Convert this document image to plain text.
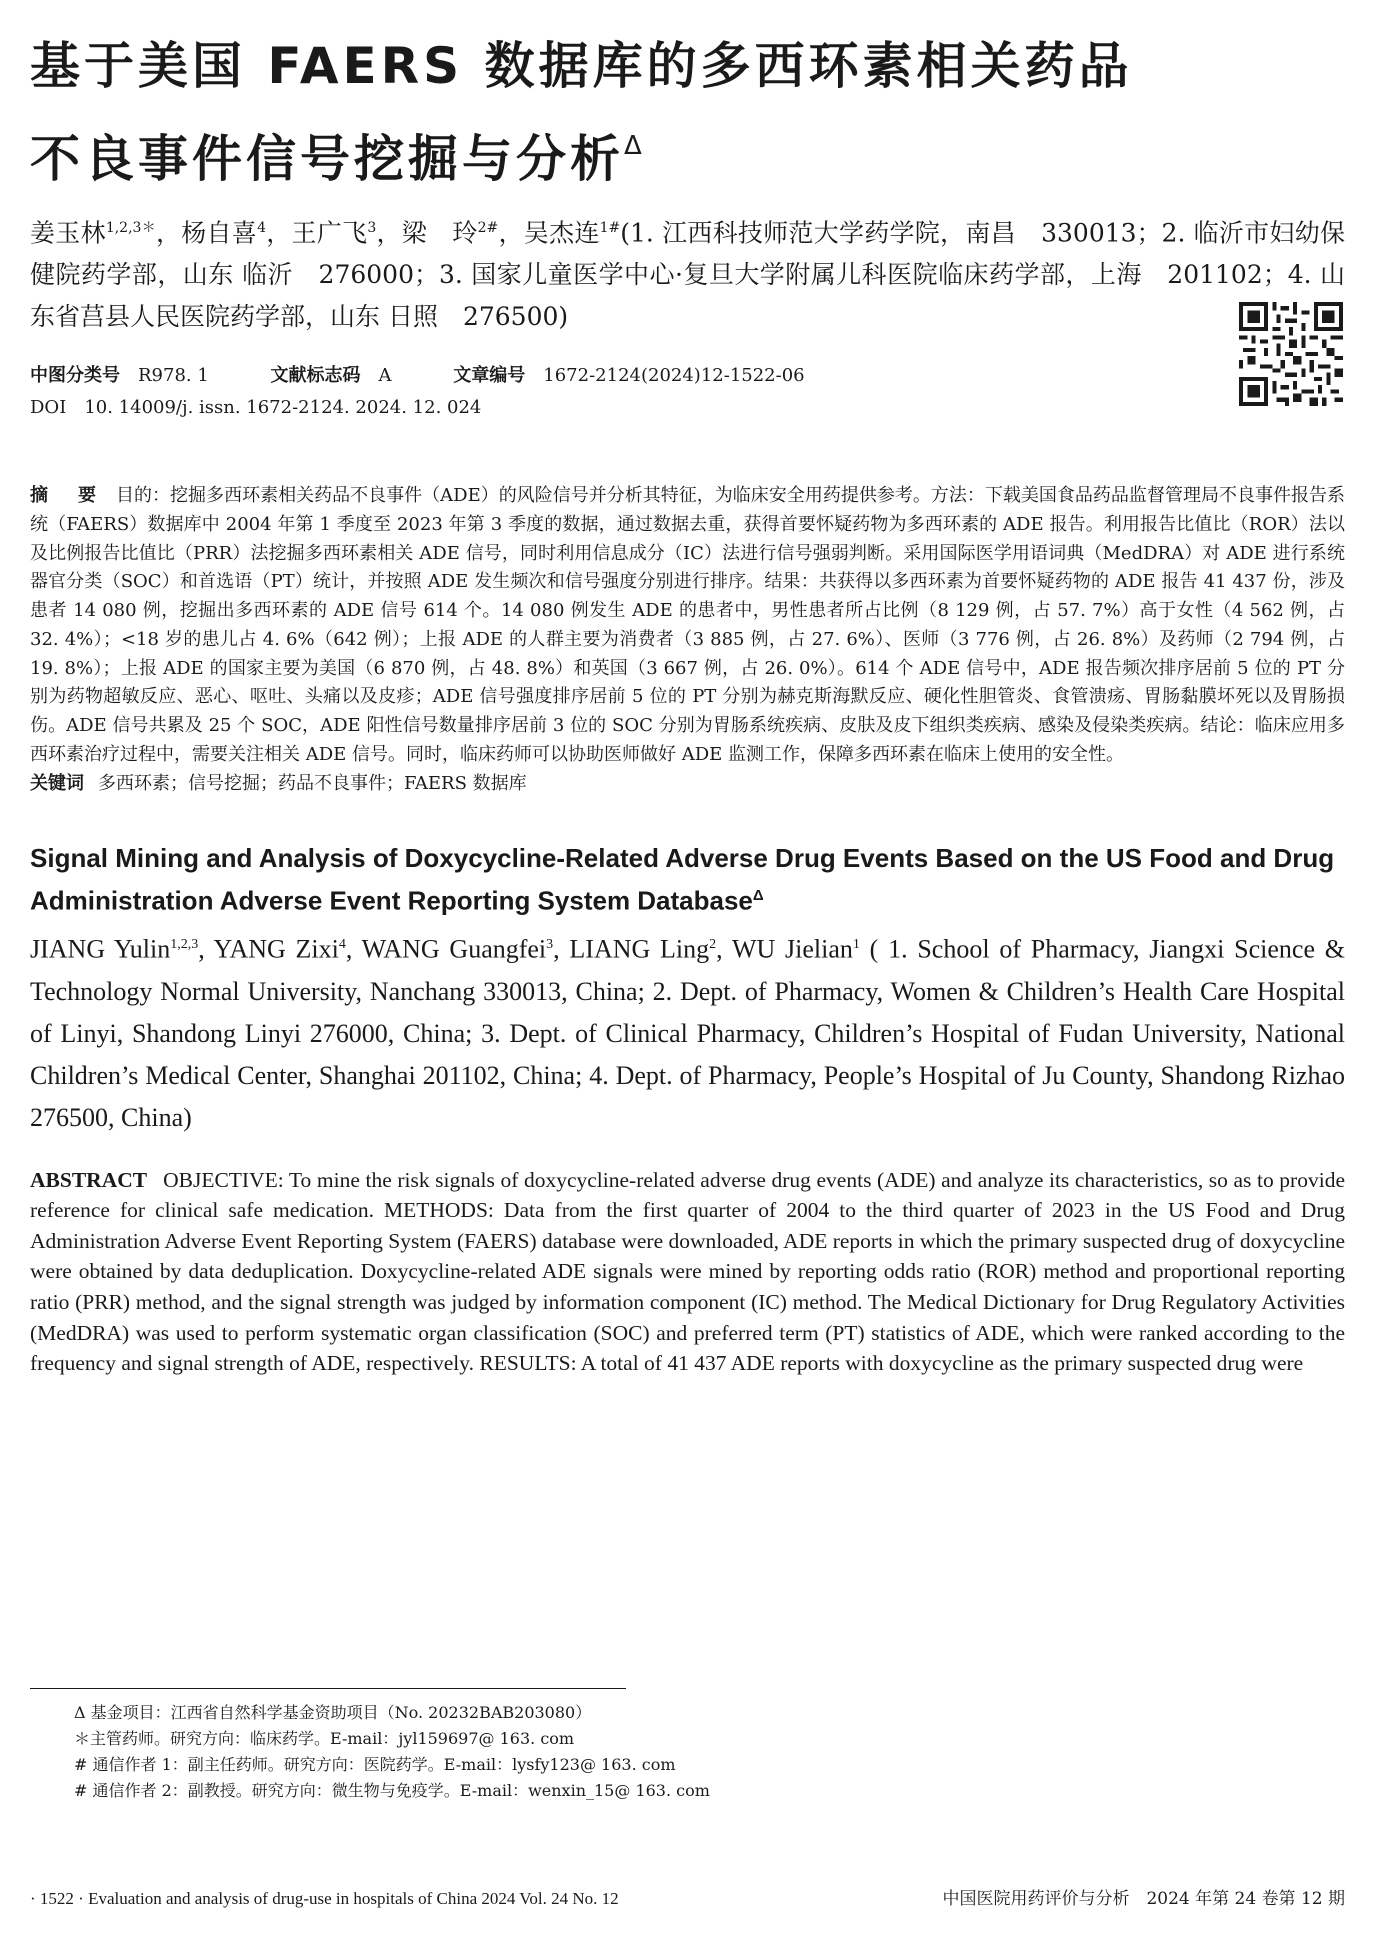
基于美国 FAERS 数据库的多西环素相关药品
不良事件信号挖掘与分析$^\Delta$
姜玉林$^{1,2,3*}$，杨自喜$^4$，王广飞$^3$，梁　玲$^{2\#}$，吴杰连$^{1\#}$(1. 江西科技师范大学药学院，南昌　330013；2. 临沂市妇幼保健院药学部，山东 临沂　276000；3. 国家儿童医学中心·复旦大学附属儿科医院临床药学部，上海　201102；4. 山东省莒县人民医院药学部，山东 日照　276500)
中图分类号 R978. 1	文献标志码 A	文章编号 1672-2124(2024)12-1522-06
DOI 10. 14009/j. issn. 1672-2124. 2024. 12. 024
摘　要 目的：挖掘多西环素相关药品不良事件（ADE）的风险信号并分析其特征，为临床安全用药提供参考。方法：下载美国食品药品监督管理局不良事件报告系统（FAERS）数据库中 2004 年第 1 季度至 2023 年第 3 季度的数据，通过数据去重，获得首要怀疑药物为多西环素的 ADE 报告。利用报告比值比（ROR）法以及比例报告比值比（PRR）法挖掘多西环素相关 ADE 信号，同时利用信息成分（IC）法进行信号强弱判断。采用国际医学用语词典（MedDRA）对 ADE 进行系统器官分类（SOC）和首选语（PT）统计，并按照 ADE 发生频次和信号强度分别进行排序。结果：共获得以多西环素为首要怀疑药物的 ADE 报告 41 437 份，涉及患者 14 080 例，挖掘出多西环素的 ADE 信号 614 个。14 080 例发生 ADE 的患者中，男性患者所占比例（8 129 例，占 57. 7%）高于女性（4 562 例，占 32. 4%）；<18 岁的患儿占 4. 6%（642 例）；上报 ADE 的人群主要为消费者（3 885 例，占 27. 6%）、医师（3 776 例，占 26. 8%）及药师（2 794 例，占 19. 8%）；上报 ADE 的国家主要为美国（6 870 例，占 48. 8%）和英国（3 667 例，占 26. 0%）。614 个 ADE 信号中，ADE 报告频次排序居前 5 位的 PT 分别为药物超敏反应、恶心、呕吐、头痛以及皮疹；ADE 信号强度排序居前 5 位的 PT 分别为赫克斯海默反应、硬化性胆管炎、食管溃疡、胃肠黏膜坏死以及胃肠损伤。ADE 信号共累及 25 个 SOC，ADE 阳性信号数量排序居前 3 位的 SOC 分别为胃肠系统疾病、皮肤及皮下组织类疾病、感染及侵染类疾病。结论：临床应用多西环素治疗过程中，需要关注相关 ADE 信号。同时，临床药师可以协助医师做好 ADE 监测工作，保障多西环素在临床上使用的安全性。
关键词 多西环素；信号挖掘；药品不良事件；FAERS 数据库
Signal Mining and Analysis of Doxycycline-Related Adverse Drug Events Based on the US Food and Drug Administration Adverse Event Reporting System Database$^\Delta$
JIANG Yulin$^{1,2,3}$, YANG Zixi$^4$, WANG Guangfei$^3$, LIANG Ling$^2$, WU Jielian$^1$ ( 1. School of Pharmacy, Jiangxi Science & Technology Normal University, Nanchang 330013, China; 2. Dept. of Pharmacy, Women & Children’s Health Care Hospital of Linyi, Shandong Linyi 276000, China; 3. Dept. of Clinical Pharmacy, Children’s Hospital of Fudan University, National Children’s Medical Center, Shanghai 201102, China; 4. Dept. of Pharmacy, People’s Hospital of Ju County, Shandong Rizhao 276500, China)
ABSTRACT OBJECTIVE: To mine the risk signals of doxycycline-related adverse drug events (ADE) and analyze its characteristics, so as to provide reference for clinical safe medication. METHODS: Data from the first quarter of 2004 to the third quarter of 2023 in the US Food and Drug Administration Adverse Event Reporting System (FAERS) database were downloaded, ADE reports in which the primary suspected drug of doxycycline were obtained by data deduplication. Doxycycline-related ADE signals were mined by reporting odds ratio (ROR) method and proportional reporting ratio (PRR) method, and the signal strength was judged by information component (IC) method. The Medical Dictionary for Drug Regulatory Activities (MedDRA) was used to perform systematic organ classification (SOC) and preferred term (PT) statistics of ADE, which were ranked according to the frequency and signal strength of ADE, respectively. RESULTS: A total of 41 437 ADE reports with doxycycline as the primary suspected drug were
Δ 基金项目：江西省自然科学基金资助项目（No. 20232BAB203080）
＊主管药师。研究方向：临床药学。E-mail：jyl159697@ 163. com
# 通信作者 1：副主任药师。研究方向：医院药学。E-mail：lysfy123@ 163. com
# 通信作者 2：副教授。研究方向：微生物与免疫学。E-mail：wenxin_15@ 163. com
· 1522 · Evaluation and analysis of drug-use in hospitals of China 2024 Vol. 24 No. 12	中国医院用药评价与分析　2024 年第 24 卷第 12 期
